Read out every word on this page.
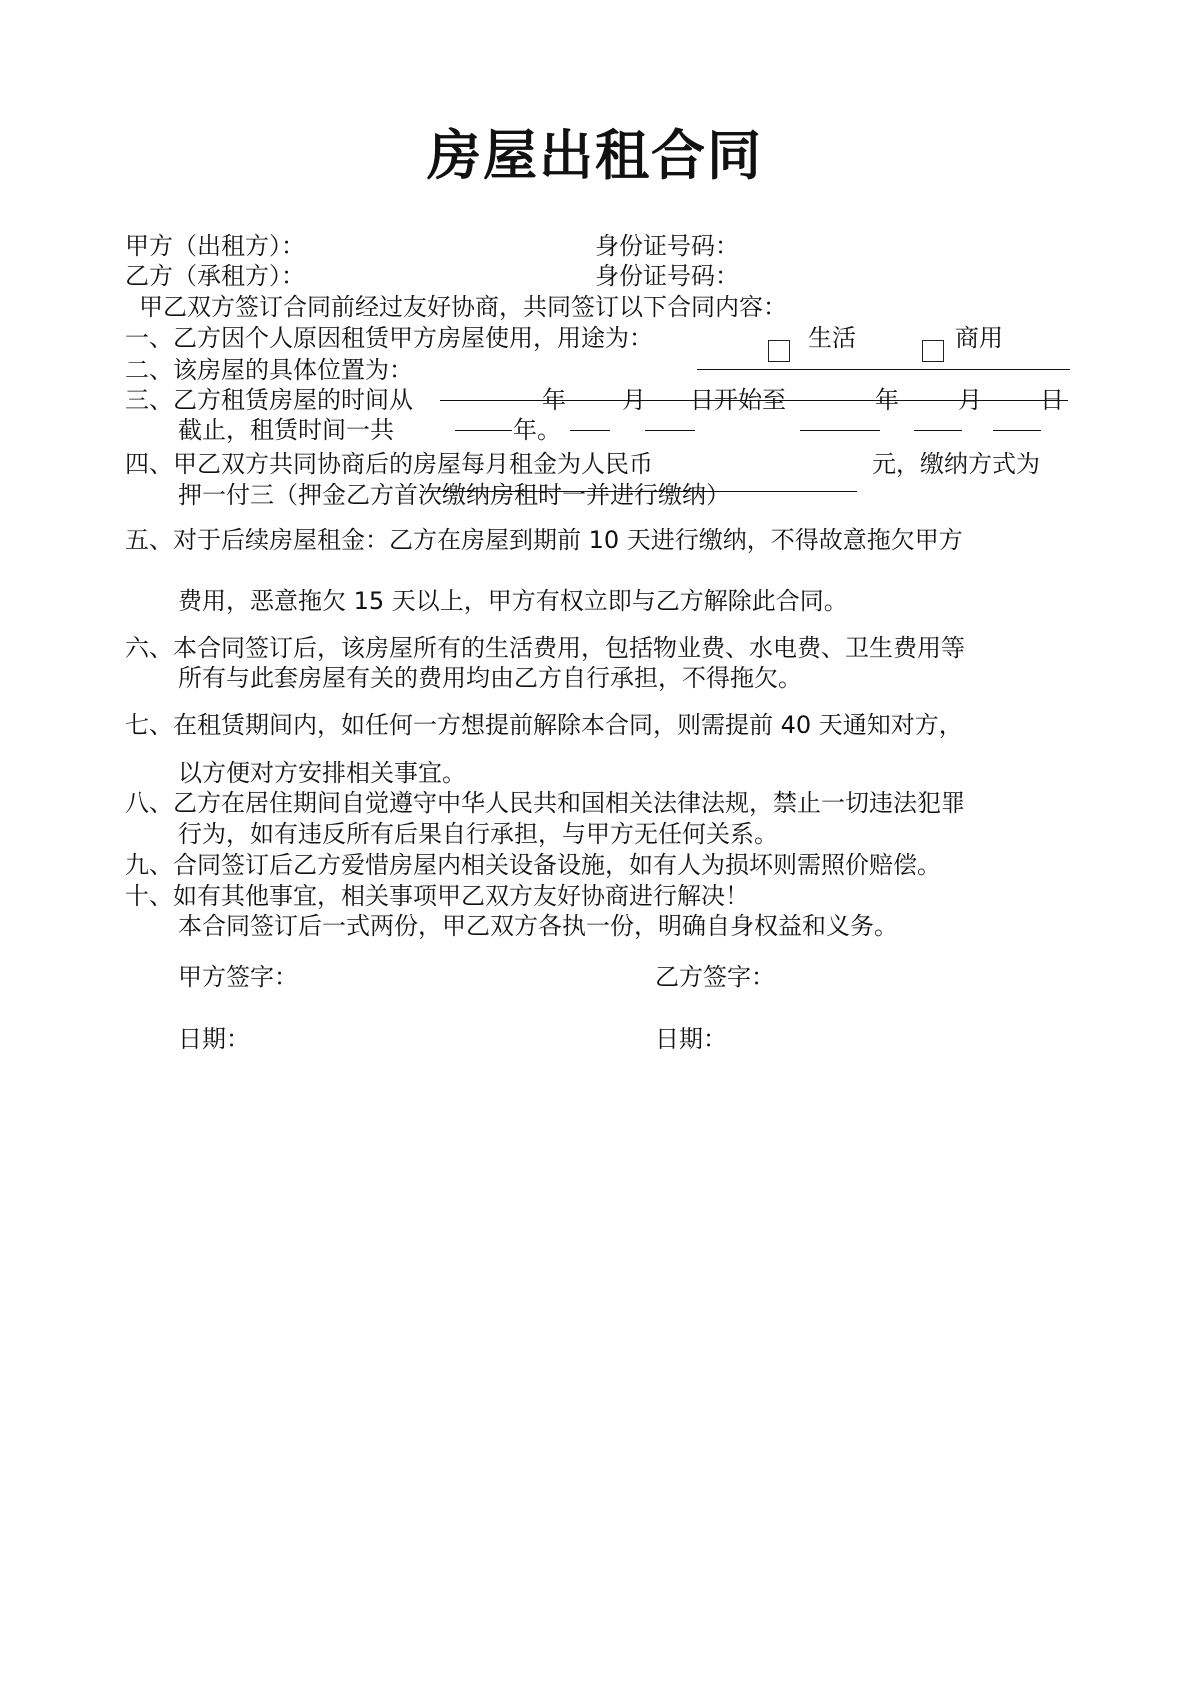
房屋出租合同
甲方（出租方）：	身份证号码：
乙方（承租方）：	身份证号码：
甲乙双方签订合同前经过友好协商，共同签订以下合同内容：
一、乙方因个人原因租赁甲方房屋使用，用途为：	生活	商用
二、该房屋的具体位置为：
三、乙方租赁房屋的时间从	年 月 日开始至	年 月 日
截止，租赁时间一共	年。
四、甲乙双方共同协商后的房屋每月租金为人民币	元，缴纳方式为
押一付三（押金乙方首次缴纳房租时一并进行缴纳）
五、对于后续房屋租金：乙方在房屋到期前 10 天进行缴纳，不得故意拖欠甲方
费用，恶意拖欠 15 天以上，甲方有权立即与乙方解除此合同。
六、本合同签订后，该房屋所有的生活费用，包括物业费、水电费、卫生费用等
所有与此套房屋有关的费用均由乙方自行承担，不得拖欠。
七、在租赁期间内，如任何一方想提前解除本合同，则需提前 40 天通知对方，
以方便对方安排相关事宜。
八、乙方在居住期间自觉遵守中华人民共和国相关法律法规，禁止一切违法犯罪
行为，如有违反所有后果自行承担，与甲方无任何关系。
九、合同签订后乙方爱惜房屋内相关设备设施，如有人为损坏则需照价赔偿。
十、如有其他事宜，相关事项甲乙双方友好协商进行解决！
本合同签订后一式两份，甲乙双方各执一份，明确自身权益和义务。
甲方签字：	乙方签字：
日期：	日期：
